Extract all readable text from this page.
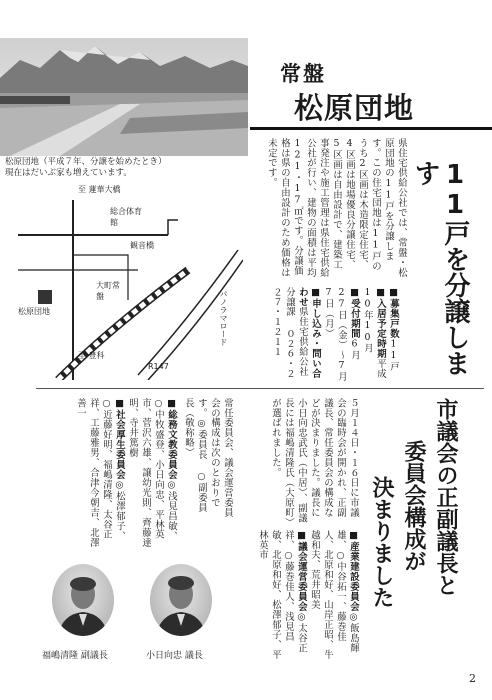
松原団地（平成７年、分譲を始めたとき）
現在はだいぶ家も増えています。
常盤
松原団地
至 蓮華大橋
総合体育館
観音橋
大町常盤
松原団地
至 豊科
パノラマロード
R147	11戸を分譲します
県住宅供給公社では、常盤・松原団地の11戸を分譲します。この住宅団地は11戸のうち2区画は木造限定住宅、4区画は地場優良分譲住宅、5区画は自由設計で、建築工事発注や施工管理は県住宅供給公社が行い、建物の面積は平均121・17㎡です。分譲価格は県の自由設計のため価格は未定です。
■募集戸数11戸
■入居予定時期平成10年10月
■受付期間6月27日（金）〜7月7日（月）
■申し込み・問い合わせ県住宅供給公社 分譲課 ０２６・２２７・１２１１
市議会の正副議長と
委員会構成が
決まりました
５月１４日・１６日に市議会の臨時会が開かれ、正副議長、常任委員会の構成などが決まりました。議長に小日向忠武氏（中居）、副議長には福嶋清隆氏（大原町）が選ばれました。
■産業建設委員会◎飯島輝雄、○中谷拓一、藤巻佳人、北原和好、山岸正昭、牛越和夫、荒井昭美
■議会運営委員会◎太谷正祥、○藤巻佳人、浅見昌敏、北原和好、松澤郁子、平林英市
常任委員会、議会運営委員会の構成は次のとおりです。◎委員長 ○副委員長（敬称略）
■総務文教委員会◎浅見昌敏、○中牧盛登、小日向忠、平林英市、菅沢六雄、譲幼光則、齊藤達明、寺井篤樹
■社会厚生委員会◎松澤郁子、○近藤好明、福嶋清隆、太谷正祥、工藤雅男、合津今朝吉、北澤善一
福嶋清隆 副議長	小日向忠 議長
2
